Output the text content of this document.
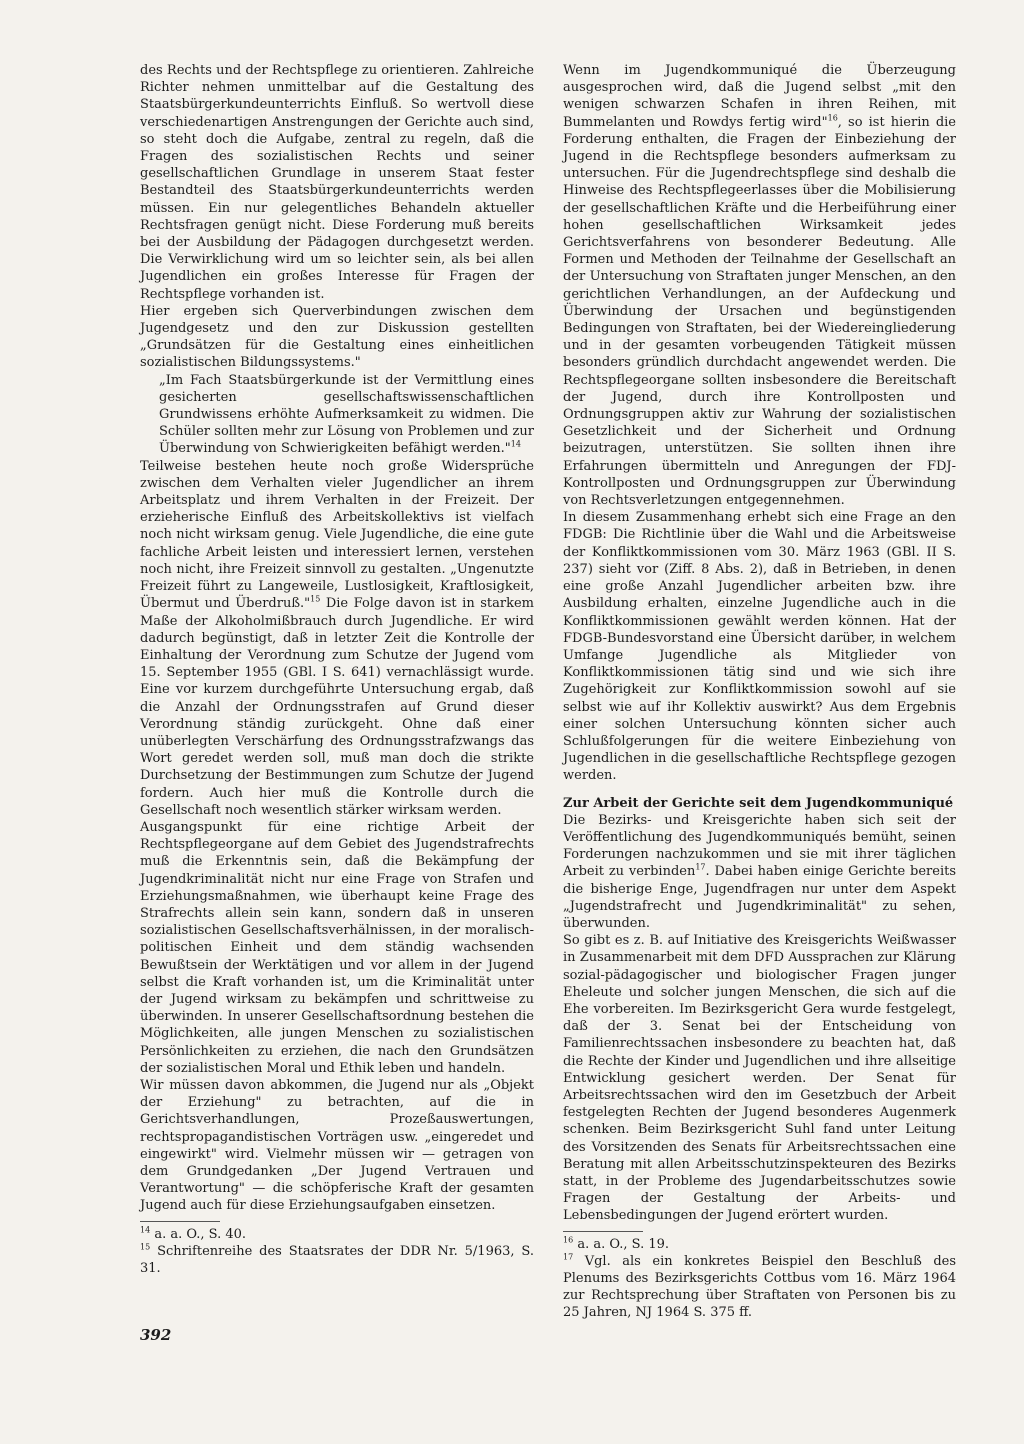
des Rechts und der Rechtspflege zu orientieren. Zahlreiche Richter nehmen unmittelbar auf die Gestaltung des Staatsbürgerkundeunterrichts Einfluß. So wertvoll diese verschiedenartigen Anstrengungen der Gerichte auch sind, so steht doch die Aufgabe, zentral zu regeln, daß die Fragen des sozialistischen Rechts und seiner gesellschaftlichen Grundlage in unserem Staat fester Bestandteil des Staatsbürgerkundeunterrichts werden müssen. Ein nur gelegentliches Behandeln aktueller Rechtsfragen genügt nicht. Diese Forderung muß bereits bei der Ausbildung der Pädagogen durchgesetzt werden. Die Verwirklichung wird um so leichter sein, als bei allen Jugendlichen ein großes Interesse für Fragen der Rechtspflege vorhanden ist.

Hier ergeben sich Querverbindungen zwischen dem Jugendgesetz und den zur Diskussion gestellten „Grundsätzen für die Gestaltung eines einheitlichen sozialistischen Bildungssystems."

„Im Fach Staatsbürgerkunde ist der Vermittlung eines gesicherten gesellschaftswissenschaftlichen Grundwissens erhöhte Aufmerksamkeit zu widmen. Die Schüler sollten mehr zur Lösung von Problemen und zur Überwindung von Schwierigkeiten befähigt werden."$^{14}$

Teilweise bestehen heute noch große Widersprüche zwischen dem Verhalten vieler Jugendlicher an ihrem Arbeitsplatz und ihrem Verhalten in der Freizeit. Der erzieherische Einfluß des Arbeitskollektivs ist vielfach noch nicht wirksam genug. Viele Jugendliche, die eine gute fachliche Arbeit leisten und interessiert lernen, verstehen noch nicht, ihre Freizeit sinnvoll zu gestalten. „Ungenutzte Freizeit führt zu Langeweile, Lustlosigkeit, Kraftlosigkeit, Übermut und Überdruß."$^{15}$ Die Folge davon ist in starkem Maße der Alkoholmißbrauch durch Jugendliche. Er wird dadurch begünstigt, daß in letzter Zeit die Kontrolle der Einhaltung der Verordnung zum Schutze der Jugend vom 15. September 1955 (GBl. I S. 641) vernachlässigt wurde. Eine vor kurzem durchgeführte Untersuchung ergab, daß die Anzahl der Ordnungsstrafen auf Grund dieser Verordnung ständig zurückgeht. Ohne daß einer unüberlegten Verschärfung des Ordnungsstrafzwangs das Wort geredet werden soll, muß man doch die strikte Durchsetzung der Bestimmungen zum Schutze der Jugend fordern. Auch hier muß die Kontrolle durch die Gesellschaft noch wesentlich stärker wirksam werden.

Ausgangspunkt für eine richtige Arbeit der Rechtspflegeorgane auf dem Gebiet des Jugendstrafrechts muß die Erkenntnis sein, daß die Bekämpfung der Jugendkriminalität nicht nur eine Frage von Strafen und Erziehungsmaßnahmen, wie überhaupt keine Frage des Strafrechts allein sein kann, sondern daß in unseren sozialistischen Gesellschaftsverhälnissen, in der moralisch-politischen Einheit und dem ständig wachsenden Bewußtsein der Werktätigen und vor allem in der Jugend selbst die Kraft vorhanden ist, um die Kriminalität unter der Jugend wirksam zu bekämpfen und schrittweise zu überwinden. In unserer Gesellschaftsordnung bestehen die Möglichkeiten, alle jungen Menschen zu sozialistischen Persönlichkeiten zu erziehen, die nach den Grundsätzen der sozialistischen Moral und Ethik leben und handeln.

Wir müssen davon abkommen, die Jugend nur als „Objekt der Erziehung" zu betrachten, auf die in Gerichtsverhandlungen, Prozeßauswertungen, rechtspropagandistischen Vorträgen usw. „eingeredet und eingewirkt" wird. Vielmehr müssen wir — getragen von dem Grundgedanken „Der Jugend Vertrauen und Verantwortung" — die schöpferische Kraft der gesamten Jugend auch für diese Erziehungsaufgaben einsetzen.

$^{14}$ a. a. O., S. 40.

$^{15}$ Schriftenreihe des Staatsrates der DDR Nr. 5/1963, S. 31.

Wenn im Jugendkommuniqué die Überzeugung ausgesprochen wird, daß die Jugend selbst „mit den wenigen schwarzen Schafen in ihren Reihen, mit Bummelanten und Rowdys fertig wird"$^{16}$, so ist hierin die Forderung enthalten, die Fragen der Einbeziehung der Jugend in die Rechtspflege besonders aufmerksam zu untersuchen. Für die Jugendrechtspflege sind deshalb die Hinweise des Rechtspflegeerlasses über die Mobilisierung der gesellschaftlichen Kräfte und die Herbeiführung einer hohen gesellschaftlichen Wirksamkeit jedes Gerichtsverfahrens von besonderer Bedeutung. Alle Formen und Methoden der Teilnahme der Gesellschaft an der Untersuchung von Straftaten junger Menschen, an den gerichtlichen Verhandlungen, an der Aufdeckung und Überwindung der Ursachen und begünstigenden Bedingungen von Straftaten, bei der Wiedereingliederung und in der gesamten vorbeugenden Tätigkeit müssen besonders gründlich durchdacht angewendet werden. Die Rechtspflegeorgane sollten insbesondere die Bereitschaft der Jugend, durch ihre Kontrollposten und Ordnungsgruppen aktiv zur Wahrung der sozialistischen Gesetzlichkeit und der Sicherheit und Ordnung beizutragen, unterstützen. Sie sollten ihnen ihre Erfahrungen übermitteln und Anregungen der FDJ-Kontrollposten und Ordnungsgruppen zur Überwindung von Rechtsverletzungen entgegennehmen.

In diesem Zusammenhang erhebt sich eine Frage an den FDGB: Die Richtlinie über die Wahl und die Arbeitsweise der Konfliktkommissionen vom 30. März 1963 (GBl. II S. 237) sieht vor (Ziff. 8 Abs. 2), daß in Betrieben, in denen eine große Anzahl Jugendlicher arbeiten bzw. ihre Ausbildung erhalten, einzelne Jugendliche auch in die Konfliktkommissionen gewählt werden können. Hat der FDGB-Bundesvorstand eine Übersicht darüber, in welchem Umfange Jugendliche als Mitglieder von Konfliktkommissionen tätig sind und wie sich ihre Zugehörigkeit zur Konfliktkommission sowohl auf sie selbst wie auf ihr Kollektiv auswirkt? Aus dem Ergebnis einer solchen Untersuchung könnten sicher auch Schlußfolgerungen für die weitere Einbeziehung von Jugendlichen in die gesellschaftliche Rechtspflege gezogen werden.

Zur Arbeit der Gerichte seit dem Jugendkommuniqué

Die Bezirks- und Kreisgerichte haben sich seit der Veröffentlichung des Jugendkommuniqués bemüht, seinen Forderungen nachzukommen und sie mit ihrer täglichen Arbeit zu verbinden$^{17}$. Dabei haben einige Gerichte bereits die bisherige Enge, Jugendfragen nur unter dem Aspekt „Jugendstrafrecht und Jugendkriminalität" zu sehen, überwunden.

So gibt es z. B. auf Initiative des Kreisgerichts Weißwasser in Zusammenarbeit mit dem DFD Aussprachen zur Klärung sozial-pädagogischer und biologischer Fragen junger Eheleute und solcher jungen Menschen, die sich auf die Ehe vorbereiten. Im Bezirksgericht Gera wurde festgelegt, daß der 3. Senat bei der Entscheidung von Familienrechtssachen insbesondere zu beachten hat, daß die Rechte der Kinder und Jugendlichen und ihre allseitige Entwicklung gesichert werden. Der Senat für Arbeitsrechtssachen wird den im Gesetzbuch der Arbeit festgelegten Rechten der Jugend besonderes Augenmerk schenken. Beim Bezirksgericht Suhl fand unter Leitung des Vorsitzenden des Senats für Arbeitsrechtssachen eine Beratung mit allen Arbeitsschutzinspekteuren des Bezirks statt, in der Probleme des Jugendarbeitsschutzes sowie Fragen der Gestaltung der Arbeits- und Lebensbedingungen der Jugend erörtert wurden.

$^{16}$ a. a. O., S. 19.

$^{17}$ Vgl. als ein konkretes Beispiel den Beschluß des Plenums des Bezirksgerichts Cottbus vom 16. März 1964 zur Rechtsprechung über Straftaten von Personen bis zu 25 Jahren, NJ 1964 S. 375 ff.

392
